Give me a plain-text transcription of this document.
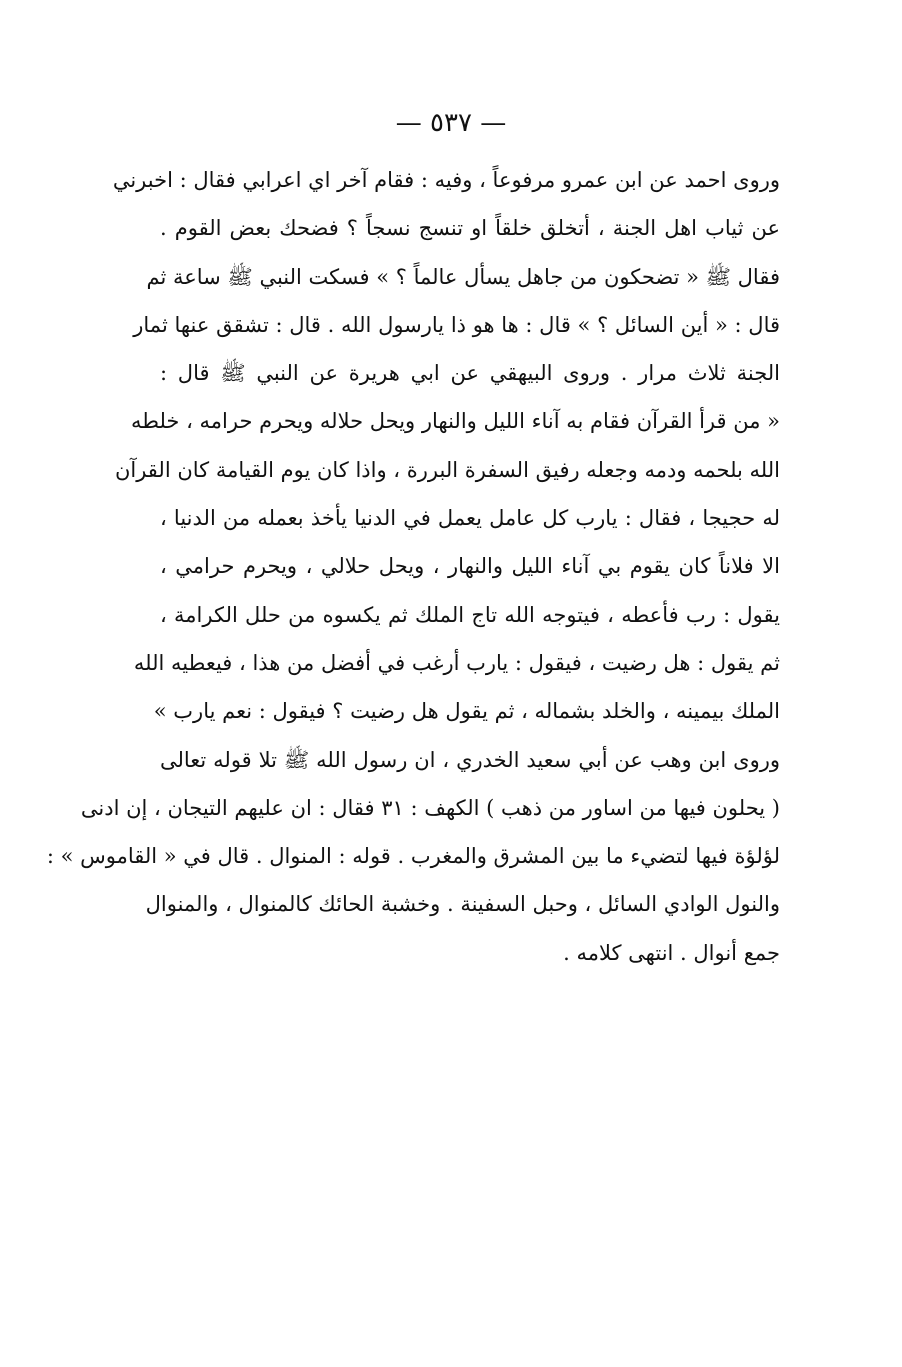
— ٥٣٧ —
وروى احمد عن ابن عمرو مرفوعاً ، وفيه : فقام آخر اي اعرابي فقال : اخبرني
عن ثياب اهل الجنة ، أتخلق خلقاً او تنسج نسجاً ؟ فضحك بعض القوم .
فقال ﷺ « تضحكون من جاهل يسأل عالماً ؟ » فسكت النبي ﷺ ساعة ثم
قال : « أين السائل ؟ » قال : ها هو ذا يارسول الله . قال : تشقق عنها ثمار
الجنة ثلاث مرار . وروى البيهقي عن ابي هريرة عن النبي ﷺ قال :
« من قرأ القرآن فقام به آناء الليل والنهار ويحل حلاله ويحرم حرامه ، خلطه
الله بلحمه ودمه وجعله رفيق السفرة البررة ، واذا كان يوم القيامة كان القرآن
له حجيجا ، فقال : يارب كل عامل يعمل في الدنيا يأخذ بعمله من الدنيا ،
الا فلاناً كان يقوم بي آناء الليل والنهار ، ويحل حلالي ، ويحرم حرامي ،
يقول : رب فأعطه ، فيتوجه الله تاج الملك ثم يكسوه من حلل الكرامة ،
ثم يقول : هل رضيت ، فيقول : يارب أرغب في أفضل من هذا ، فيعطيه الله
الملك بيمينه ، والخلد بشماله ، ثم يقول هل رضيت ؟ فيقول : نعم يارب »
وروى ابن وهب عن أبي سعيد الخدري ، ان رسول الله ﷺ تلا قوله تعالى
( يحلون فيها من اساور من ذهب ) الكهف : ٣١ فقال : ان عليهم التيجان ، إن ادنى
لؤلؤة فيها لتضيء ما بين المشرق والمغرب . قوله : المنوال . قال في « القاموس » :
والنول الوادي السائل ، وحبل السفينة . وخشبة الحائك كالمنوال ، والمنوال
جمع أنوال . انتهى كلامه .
